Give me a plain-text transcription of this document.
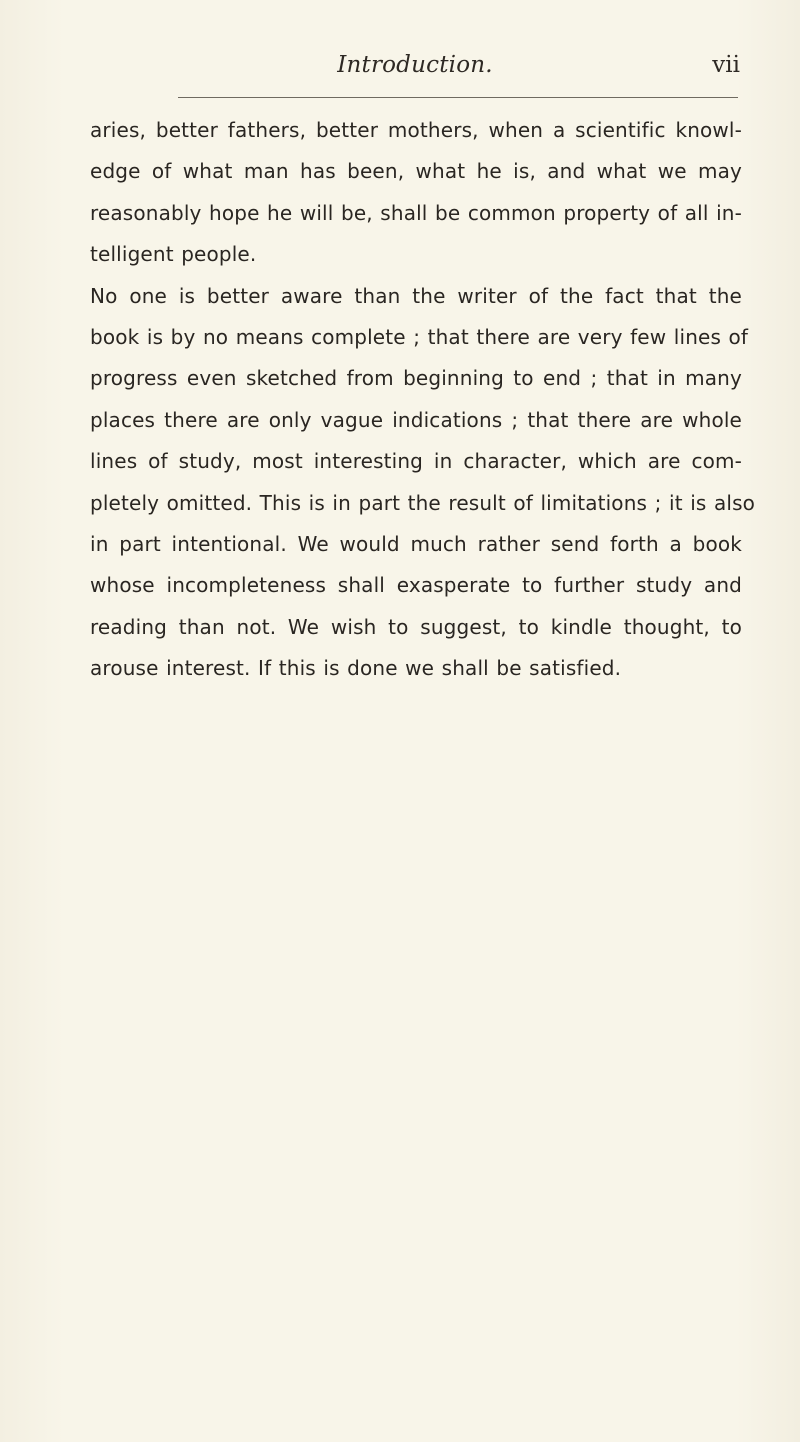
Introduction.	vii
aries, better fathers, better mothers, when a scientific knowl-
edge of what man has been, what he is, and what we may
reasonably hope he will be, shall be common property of all in-
telligent people.
No one is better aware than the writer of the fact that the
book is by no means complete ; that there are very few lines of
progress even sketched from beginning to end ; that in many
places there are only vague indications ; that there are whole
lines of study, most interesting in character, which are com-
pletely omitted. This is in part the result of limitations ; it is also
in part intentional. We would much rather send forth a book
whose incompleteness shall exasperate to further study and
reading than not. We wish to suggest, to kindle thought, to
arouse interest. If this is done we shall be satisfied.
